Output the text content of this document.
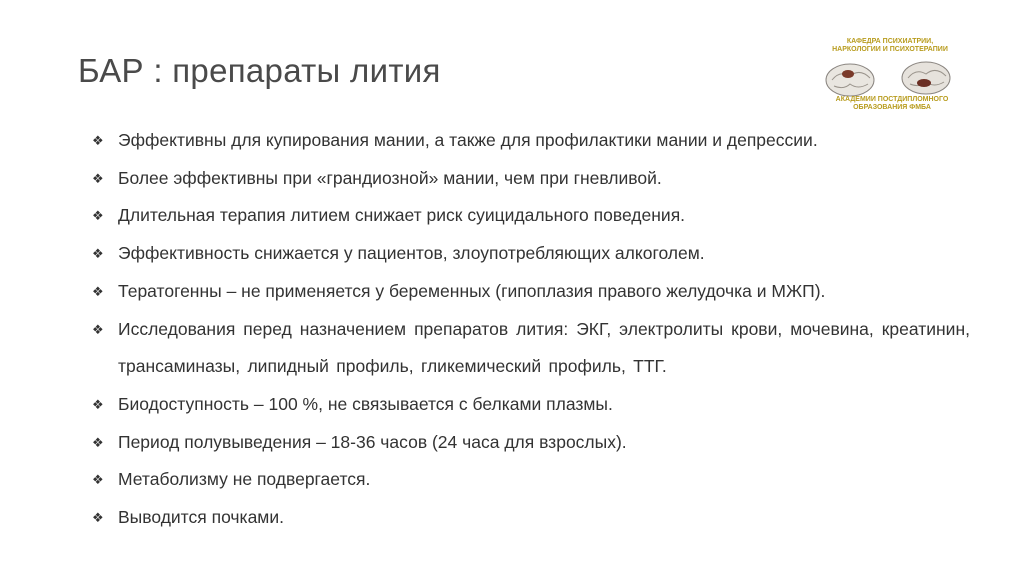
БАР : препараты лития
КАФЕДРА ПСИХИАТРИИ, НАРКОЛОГИИ И ПСИХОТЕРАПИИ
АКАДЕМИИ ПОСТДИПЛОМНОГО ОБРАЗОВАНИЯ ФМБА
❖ Эффективны для купирования мании, а также для профилактики мании и депрессии.
❖ Более эффективны при «грандиозной» мании, чем при гневливой.
❖ Длительная терапия литием снижает риск суицидального поведения.
❖ Эффективность снижается у пациентов, злоупотребляющих алкоголем.
❖ Тератогенны – не применяется у беременных (гипоплазия правого желудочка и МЖП).
❖ Исследования перед назначением препаратов лития: ЭКГ, электролиты крови, мочевина, креатинин, трансаминазы, липидный профиль, гликемический профиль, ТТГ.
❖ Биодоступность – 100 %, не связывается с белками плазмы.
❖ Период полувыведения – 18-36 часов (24 часа для взрослых).
❖ Метаболизму не подвергается.
❖ Выводится почками.
